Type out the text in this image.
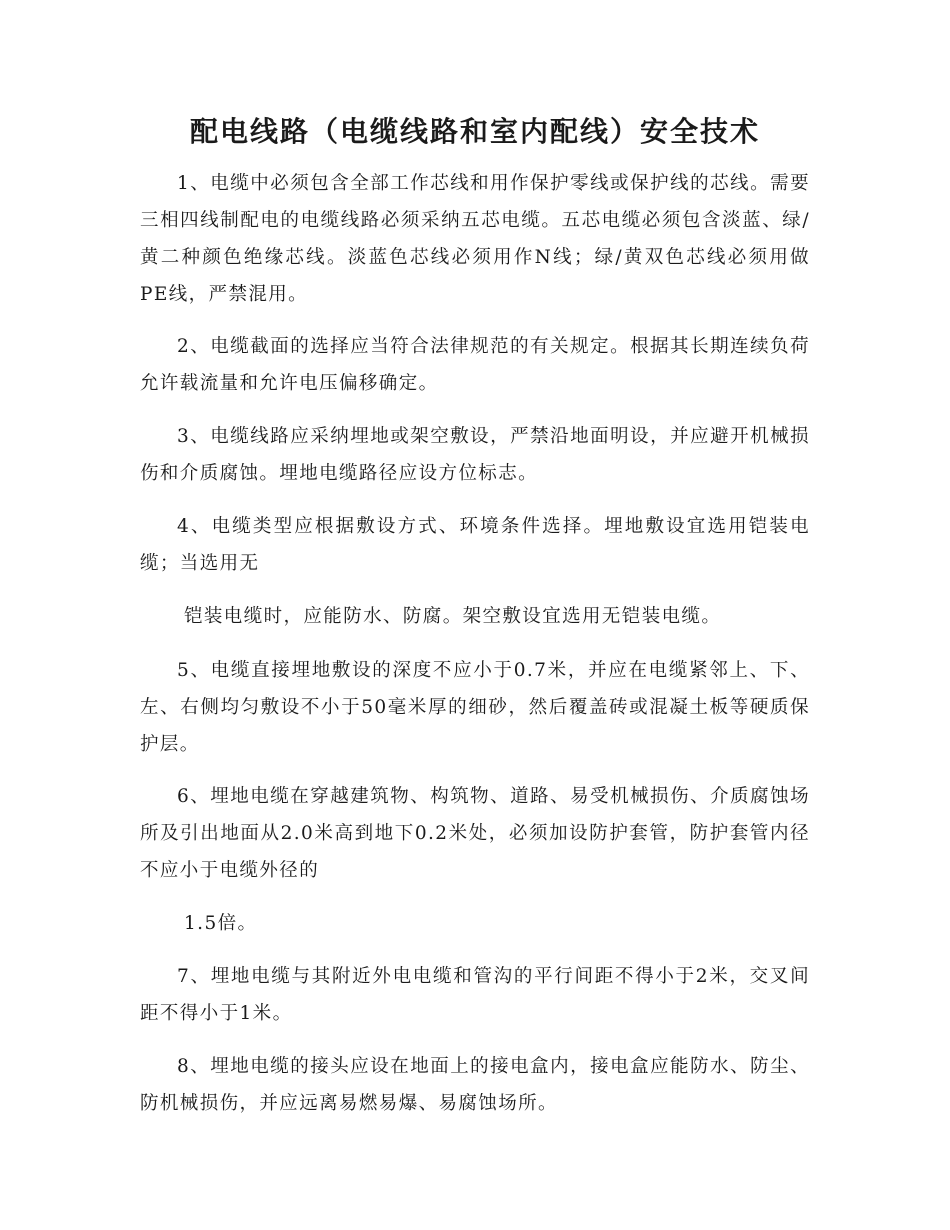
配电线路（电缆线路和室内配线）安全技术

1、电缆中必须包含全部工作芯线和用作保护零线或保护线的芯线。需要三相四线制配电的电缆线路必须采纳五芯电缆。五芯电缆必须包含淡蓝、绿/黄二种颜色绝缘芯线。淡蓝色芯线必须用作N线；绿/黄双色芯线必须用做PE线，严禁混用。

2、电缆截面的选择应当符合法律规范的有关规定。根据其长期连续负荷允许载流量和允许电压偏移确定。

3、电缆线路应采纳埋地或架空敷设，严禁沿地面明设，并应避开机械损伤和介质腐蚀。埋地电缆路径应设方位标志。

4、电缆类型应根据敷设方式、环境条件选择。埋地敷设宜选用铠装电缆；当选用无

铠装电缆时，应能防水、防腐。架空敷设宜选用无铠装电缆。

5、电缆直接埋地敷设的深度不应小于0.7米，并应在电缆紧邻上、下、左、右侧均匀敷设不小于50毫米厚的细砂，然后覆盖砖或混凝土板等硬质保护层。

6、埋地电缆在穿越建筑物、构筑物、道路、易受机械损伤、介质腐蚀场所及引出地面从2.0米高到地下0.2米处，必须加设防护套管，防护套管内径不应小于电缆外径的

1.5倍。

7、埋地电缆与其附近外电电缆和管沟的平行间距不得小于2米，交叉间距不得小于1米。

8、埋地电缆的接头应设在地面上的接电盒内，接电盒应能防水、防尘、防机械损伤，并应远离易燃易爆、易腐蚀场所。
